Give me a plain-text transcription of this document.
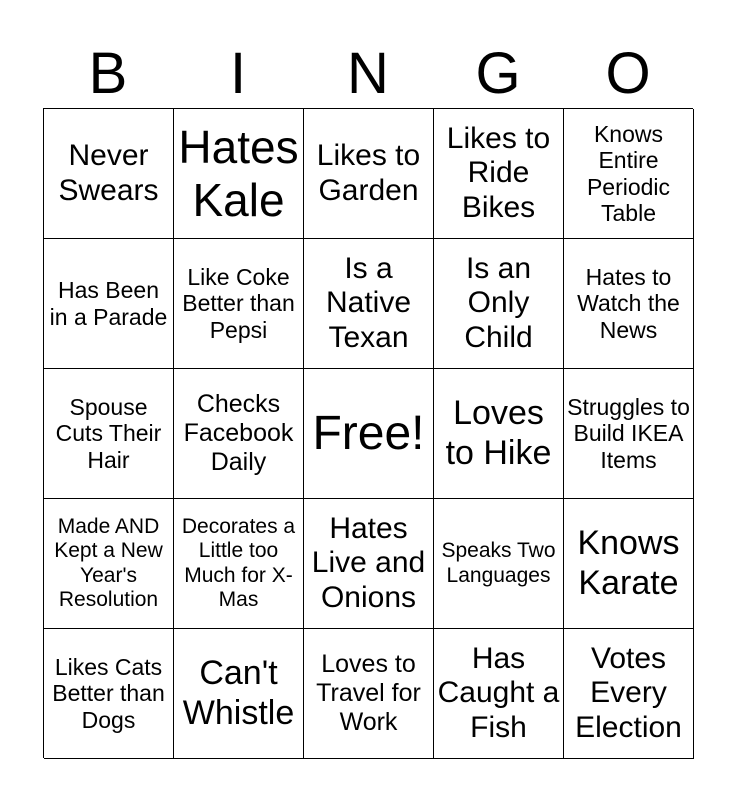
B	I	N	G	O
Never Swears
Hates Kale
Likes to Garden
Likes to Ride Bikes
Knows Entire Periodic Table
Has Been in a Parade
Like Coke Better than Pepsi
Is a Native Texan
Is an Only Child
Hates to Watch the News
Spouse Cuts Their Hair
Checks Facebook Daily
Free! Loves to Hike
Struggles to Build IKEA Items
Made AND Kept a New Year's Resolution
Decorates a Little too Much for X-Mas
Hates Live and Onions
Speaks Two Languages
Knows Karate
Likes Cats Better than Dogs
Can't Whistle
Loves to Travel for Work
Has Caught a Fish
Votes Every Election
